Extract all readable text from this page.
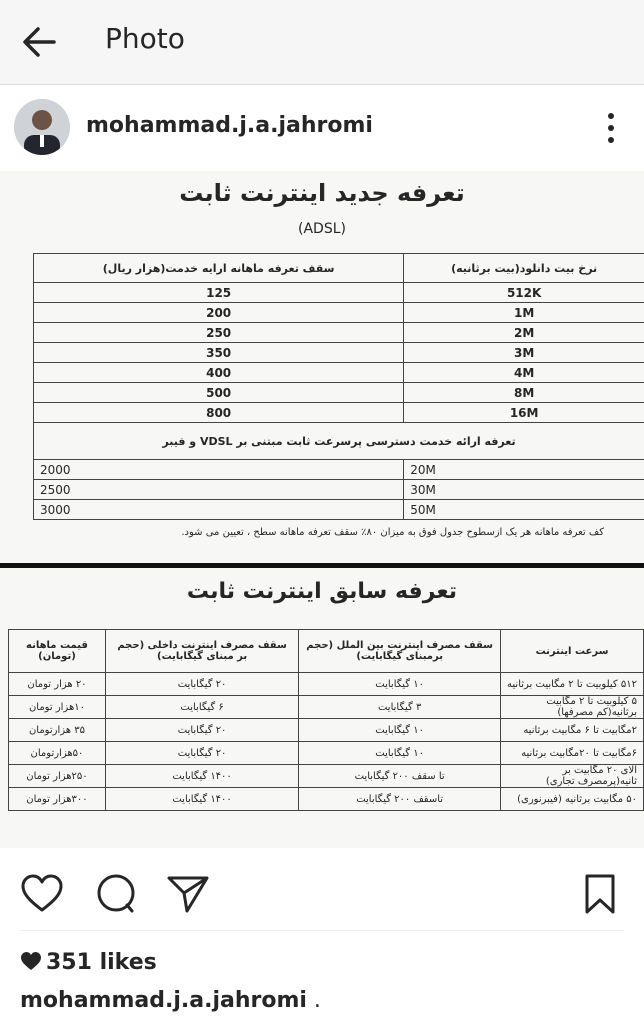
Photo
mohammad.j.a.jahromi
تعرفه جدید اینترنت ثابت
(ADSL)
سقف تعرفه ماهانه ارایه خدمت(هزار ریال)	نرخ بیت دانلود(بیت برثانیه)
125	512K
200	1M
250	2M
350	3M
400	4M
500	8M
800	16M
تعرفه ارائه خدمت دسترسی پرسرعت ثابت مبتنی بر VDSL و فیبر	
2000	20M
2500	30M
3000	50M
کف تعرفه ماهانه هر یک ازسطوح جدول فوق به میزان ۸۰٪ سقف تعرفه ماهانه سطح ، تعیین می شود.
تعرفه سابق اینترنت ثابت
سرعت اینترنت	سقف مصرف اینترنت بین الملل (حجم برمبنای گیگابایت)	سقف مصرف اینترنت داخلی (حجم بر مبنای گیگابایت)	قیمت ماهانه (تومان)
۵۱۲ کیلوبیت تا ۲ مگابیت برثانیه	۱۰ گیگابایت	۲۰ گیگابایت	۲۰ هزار تومان
۵ کیلوبیت تا ۲ مگابیت برثانیه(کم مصرفها)	۳ گیگابایت	۶ گیگابایت	۱۰هزار تومان
۲مگابیت تا ۶ مگابیت برثانیه	۱۰ گیگابایت	۲۰ گیگابایت	۳۵ هزارتومان
۶مگابیت تا ۲۰مگابیت برثانیه	۱۰ گیگابایت	۲۰ گیگابایت	۵۰هزارتومان
الای ۲۰ مگابیت بر ثانیه(پرمصرف تجاری)	تا سقف ۲۰۰ گیگابایت	۱۴۰۰ گیگابایت	۲۵۰هزار تومان
۵۰ مگابیت برثانیه (فیبرنوری)	تاسقف ۲۰۰ گیگابایت	۱۴۰۰ گیگابایت	۳۰۰هزار تومان
351 likes
mohammad.j.a.jahromi .
